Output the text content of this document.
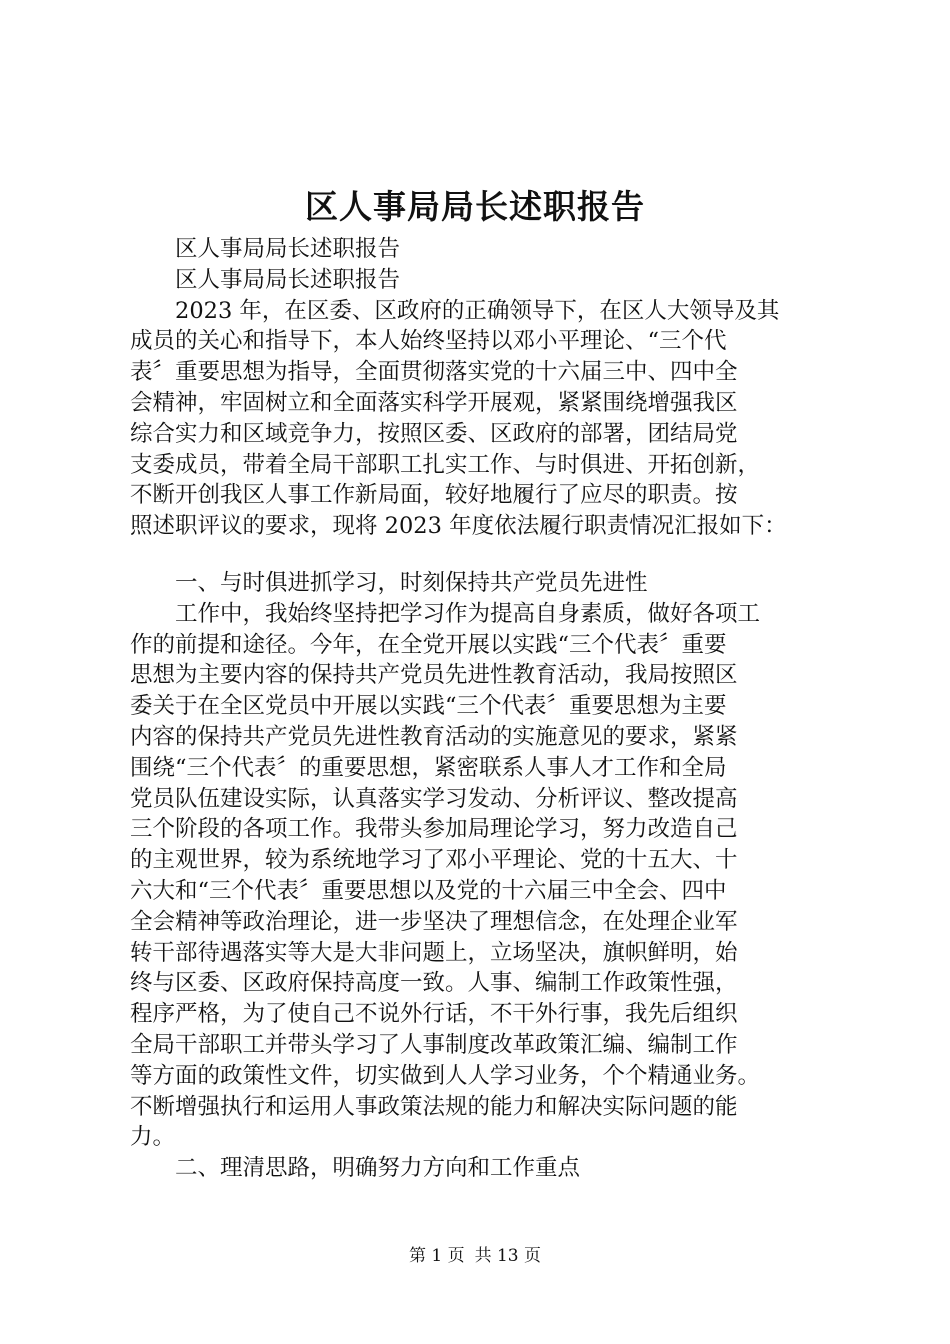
区人事局局长述职报告
区人事局局长述职报告
区人事局局长述职报告
2023 年，在区委、区政府的正确领导下，在区人大领导及其
成员的关心和指导下，本人始终坚持以邓小平理论、“三个代
表〞重要思想为指导，全面贯彻落实党的十六届三中、四中全
会精神，牢固树立和全面落实科学开展观，紧紧围绕增强我区
综合实力和区域竞争力，按照区委、区政府的部署，团结局党
支委成员，带着全局干部职工扎实工作、与时俱进、开拓创新，
不断开创我区人事工作新局面，较好地履行了应尽的职责。按
照述职评议的要求，现将 2023 年度依法履行职责情况汇报如下：
一、与时俱进抓学习，时刻保持共产党员先进性
工作中，我始终坚持把学习作为提高自身素质，做好各项工
作的前提和途径。今年，在全党开展以实践“三个代表〞重要
思想为主要内容的保持共产党员先进性教育活动，我局按照区
委关于在全区党员中开展以实践“三个代表〞重要思想为主要
内容的保持共产党员先进性教育活动的实施意见的要求，紧紧
围绕“三个代表〞的重要思想，紧密联系人事人才工作和全局
党员队伍建设实际，认真落实学习发动、分析评议、整改提高
三个阶段的各项工作。我带头参加局理论学习，努力改造自己
的主观世界，较为系统地学习了邓小平理论、党的十五大、十
六大和“三个代表〞重要思想以及党的十六届三中全会、四中
全会精神等政治理论，进一步坚决了理想信念，在处理企业军
转干部待遇落实等大是大非问题上，立场坚决，旗帜鲜明，始
终与区委、区政府保持高度一致。人事、编制工作政策性强，
程序严格，为了使自己不说外行话，不干外行事，我先后组织
全局干部职工并带头学习了人事制度改革政策汇编、编制工作
等方面的政策性文件，切实做到人人学习业务，个个精通业务。
不断增强执行和运用人事政策法规的能力和解决实际问题的能
力。
二、理清思路，明确努力方向和工作重点
第 1 页 共 13 页
